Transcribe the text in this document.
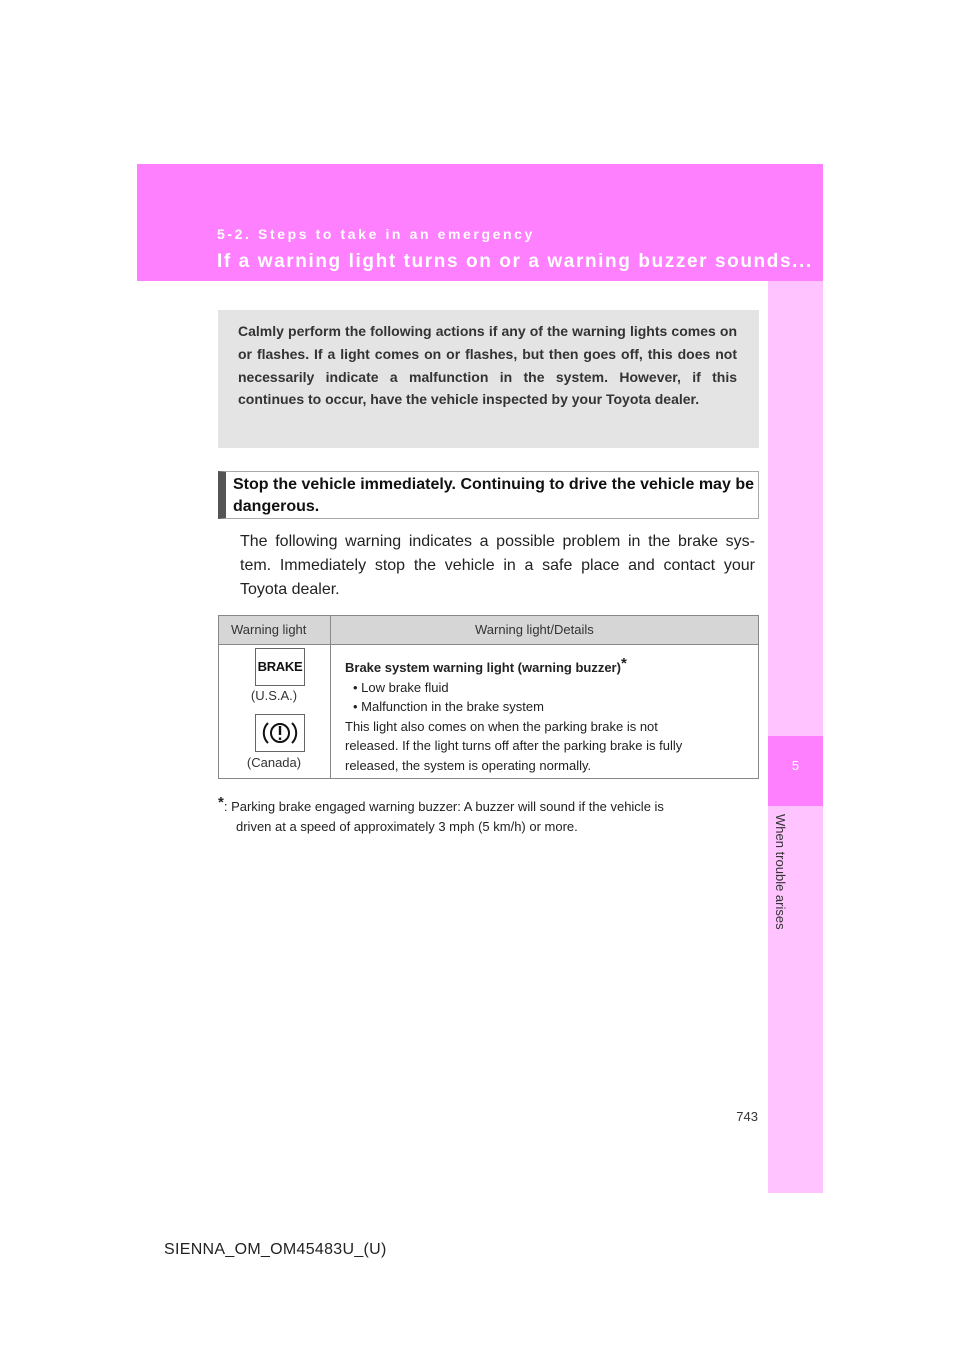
5-2. Steps to take in an emergency
If a warning light turns on or a warning buzzer sounds...
5
When trouble arises

Calmly perform the following actions if any of the warning lights comes on or flashes. If a light comes on or flashes, but then goes off, this does not necessarily indicate a malfunction in the system. However, if this continues to occur, have the vehicle inspected by your Toyota dealer.

Stop the vehicle immediately. Continuing to drive the vehicle may be dangerous.

The following warning indicates a possible problem in the brake sys- tem. Immediately stop the vehicle in a safe place and contact your Toyota dealer.

Warning light	Warning light/Details
BRAKE
(U.S.A.)
(Canada)

Brake system warning light (warning buzzer)*

• Low brake fluid

• Malfunction in the brake system

This light also comes on when the parking brake is not

released. If the light turns off after the parking brake is fully

released, the system is operating normally.

*: Parking brake engaged warning buzzer: A buzzer will sound if the vehicle is
driven at a speed of approximately 3 mph (5 km/h) or more.

743
SIENNA_OM_OM45483U_(U)
